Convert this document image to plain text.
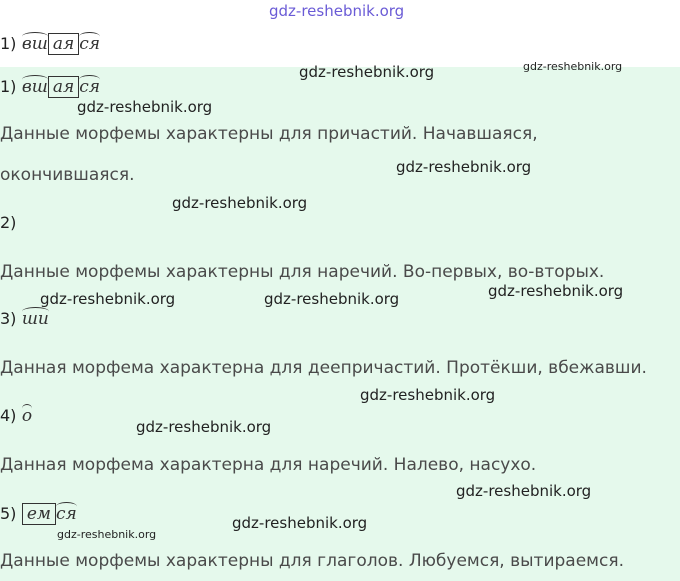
gdz-reshebnik.org
1) вш ая ся
1) вш ая ся
Данные морфемы характерны для причастий. Начавшаяся,
окончившаяся.
2)
Данные морфемы характерны для наречий. Во-первых, во-вторых.
3) ши
Данная морфема характерна для деепричастий. Протёкши, вбежавши.
4) о
Данная морфема характерна для наречий. Налево, насухо.
5) ем ся
Данные морфемы характерны для глаголов. Любуемся, вытираемся.
gdz-reshebnik.org	gdz-reshebnik.org
gdz-reshebnik.org
gdz-reshebnik.org
gdz-reshebnik.org
gdz-reshebnik.org
gdz-reshebnik.org	gdz-reshebnik.org
gdz-reshebnik.org
gdz-reshebnik.org
gdz-reshebnik.org
gdz-reshebnik.org
gdz-reshebnik.org
